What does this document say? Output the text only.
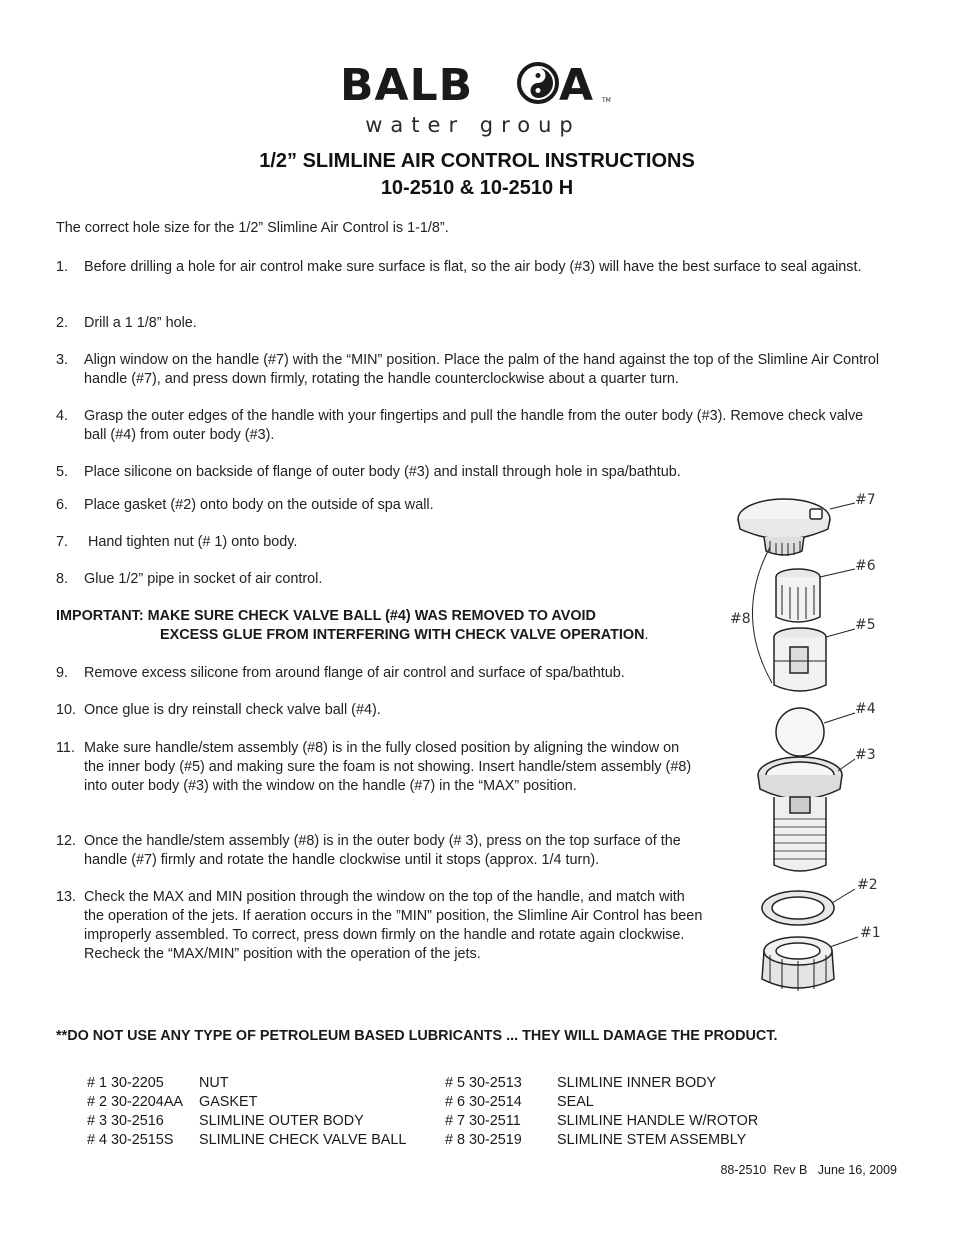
BALB A TM
water group
1/2” SLIMLINE AIR CONTROL INSTRUCTIONS
10-2510 & 10-2510 H
The correct hole size for the 1/2” Slimline Air Control is 1-1/8”.
1.	Before drilling a hole for air control make sure surface is flat, so the air body (#3) will have the best surface to seal against.
2.	Drill a 1 1/8” hole.
3.	Align window on the handle (#7) with the “MIN” position. Place the palm of the hand against the top of the Slimline Air Control handle (#7), and press down firmly, rotating the handle counterclockwise about a quarter turn.
4.	Grasp the outer edges of the handle with your fingertips and pull the handle from the outer body (#3). Remove check valve ball (#4) from outer body (#3).
5.	Place silicone on backside of flange of outer body (#3) and install through hole in spa/bathtub.
6.	Place gasket (#2) onto body on the outside of spa wall.
7.	Hand tighten nut (# 1) onto body.
8.	Glue 1/2” pipe in socket of air control.
IMPORTANT: MAKE SURE CHECK VALVE BALL (#4) WAS REMOVED TO AVOID
EXCESS GLUE FROM INTERFERING WITH CHECK VALVE OPERATION.
9.	Remove excess silicone from around flange of air control and surface of spa/bathtub.
10. Once glue is dry reinstall check valve ball (#4).
11. Make sure handle/stem assembly (#8) is in the fully closed position by aligning the window on the inner body (#5) and making sure the foam is not showing. Insert handle/stem assembly (#8) into outer body (#3) with the window on the handle (#7) in the “MAX” position.
12. Once the handle/stem assembly (#8) is in the outer body (# 3), press on the top surface of the handle (#7) firmly and rotate the handle clockwise until it stops (approx. 1/4 turn).
13. Check the MAX and MIN position through the window on the top of the handle, and match with the operation of the jets. If aeration occurs in the ”MIN” position, the Slimline Air Control has been improperly assembled. To correct, press down firmly on the handle and rotate again clockwise. Recheck the “MAX/MIN” position with the operation of the jets.
#7
#6
#5
#8
#4
#3
#2
#1
**DO NOT USE ANY TYPE OF PETROLEUM BASED LUBRICANTS ... THEY WILL DAMAGE THE PRODUCT.
# 1 30-2205 NUT
# 2 30-2204AA GASKET
# 3 30-2516 SLIMLINE OUTER BODY
# 4 30-2515S SLIMLINE CHECK VALVE BALL
# 5 30-2513 SLIMLINE INNER BODY
# 6 30-2514 SEAL
# 7 30-2511	SLIMLINE HANDLE W/ROTOR
# 8 30-2519 SLIMLINE STEM ASSEMBLY
88-2510  Rev B   June 16, 2009
